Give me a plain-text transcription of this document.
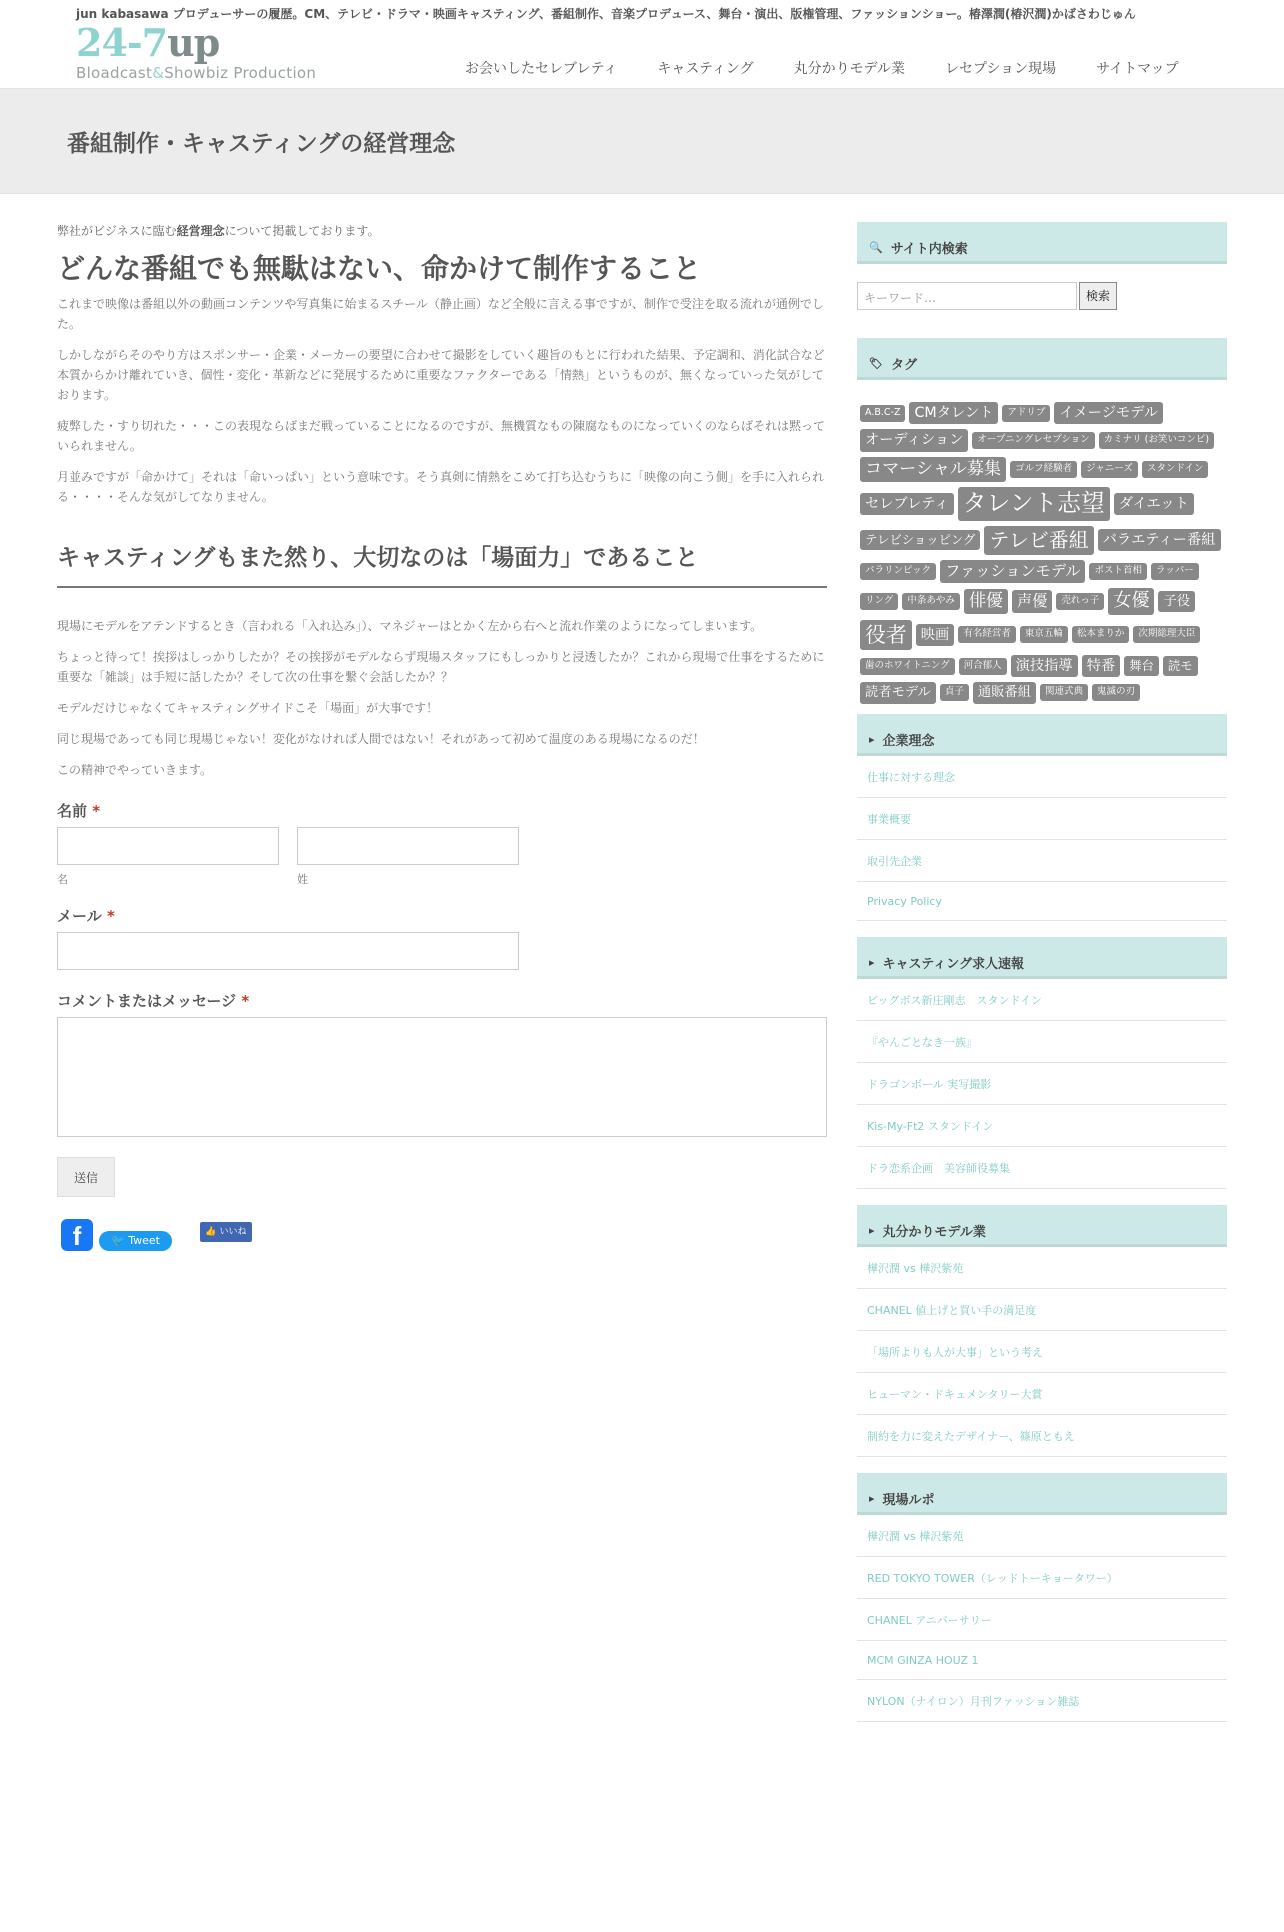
jun kabasawa プロデューサーの履歴。CM、テレビ・ドラマ・映画キャスティング、番組制作、音楽プロデュース、舞台・演出、版権管理、ファッションショー。椿澤潤(椿沢潤)かばさわじゅん
24-7up
Bloadcast&Showbiz Production	お会いしたセレブレティ	キャスティング	丸分かりモデル業	レセプション現場	サイトマップ
番組制作・キャスティングの経営理念

弊社がビジネスに臨む経営理念について掲載しております。

どんな番組でも無駄はない、命かけて制作すること

これまで映像は番組以外の動画コンテンツや写真集に始まるスチール（静止画）など全般に言える事ですが、制作で受注を取る流れが通例でした。

しかしながらそのやり方はスポンサー・企業・メーカーの要望に合わせて撮影をしていく趣旨のもとに行われた結果、予定調和、消化試合など本質からかけ離れていき、個性・変化・革新などに発展するために重要なファクターである「情熱」というものが、無くなっていった気がしております。

疲弊した・すり切れた・・・この表現ならばまだ戦っていることになるのですが、無機質なもの陳腐なものになっていくのならばそれは黙っていられません。

月並みですが「命かけて」それは「命いっぱい」という意味です。そう真剣に情熱をこめて打ち込むうちに「映像の向こう側」を手に入れられる・・・・そんな気がしてなりません。

キャスティングもまた然り、大切なのは「場面力」であること

現場にモデルをアテンドするとき（言われる「入れ込み」）、マネジャーはとかく左から右へと流れ作業のようになってしまいます。

ちょっと待って！挨拶はしっかりしたか？その挨拶がモデルならず現場スタッフにもしっかりと浸透したか？これから現場で仕事をするために重要な「雑談」は手短に話したか？そして次の仕事を繋ぐ会話したか？？

モデルだけじゃなくてキャスティングサイドこそ「場面」が大事です！

同じ現場であっても同じ現場じゃない！変化がなければ人間ではない！それがあって初めて温度のある現場になるのだ！

この精神でやっていきます。

名前 *
名	姓
メール *
コメントまたはメッセージ *
送信
f	🐦 Tweet
👍 いいね
🔍 サイト内検索
キーワード…	検索
🏷 タグ
A.B.C-Z CMタレント	アドリブ イメージモデル
オーディション	オープニングレセプション	カミナリ (お笑いコンビ)
コマーシャル募集	ゴルフ経験者	ジャニーズ	スタンドイン
セレブレティ タレント志望 ダイエット
テレビショッピング テレビ番組 バラエティー番組
パラリンピック ファッションモデル	ポスト首相	ラッパー
リング	中条あやみ 俳優 声優	売れっ子 女優	子役
役者 映画	有名経営者	東京五輪	松本まりか	次期総理大臣
歯のホワイトニング	河合郁人 演技指導 特番	舞台	読モ
読者モデル	貞子	通販番組	関連式典	鬼滅の刃
▸ 企業理念
仕事に対する理念
事業概要
取引先企業
Privacy Policy
▸ キャスティング求人速報
ビッグボス新庄剛志　スタンドイン
『やんごとなき一族』
ドラゴンボール 実写撮影
Kis-My-Ft2 スタンドイン
ドラ恋系企画　美容師役募集
▸ 丸分かりモデル業
樺沢潤 vs 樺沢紫苑
CHANEL 値上げと買い手の満足度
「場所よりも人が大事」という考え
ヒューマン・ドキュメンタリー大賞
制約を力に変えたデザイナー、篠原ともえ
▸ 現場ルポ
樺沢潤 vs 樺沢紫苑
RED TOKYO TOWER（レッドトーキョータワー）
CHANEL アニバーサリー
MCM GINZA HOUZ 1
NYLON（ナイロン）月刊ファッション雑誌
